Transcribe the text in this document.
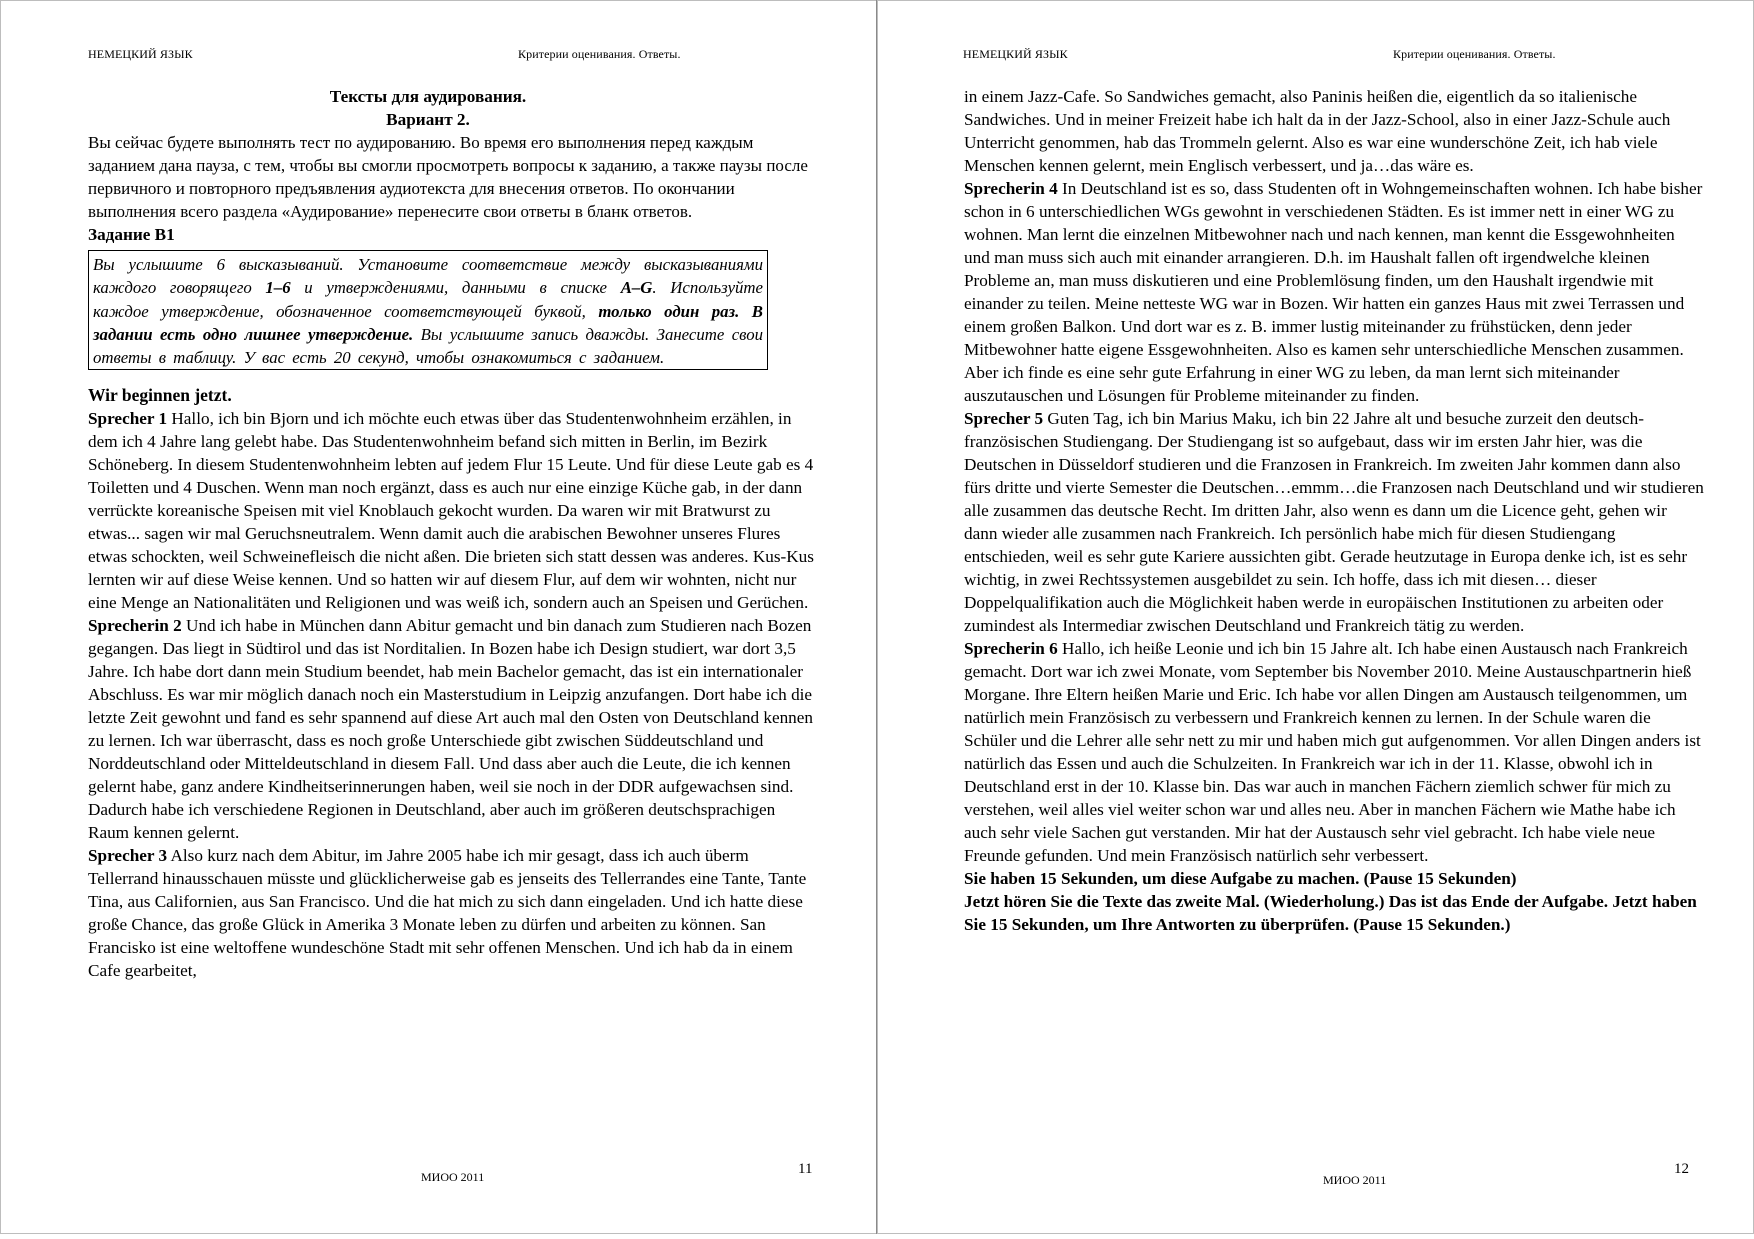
НЕМЕЦКИЙ ЯЗЫК	Критерии оценивания. Ответы.
Тексты для аудирования.
Вариант 2.
Вы сейчас будете выполнять тест по аудированию. Во время его выполнения перед каждым заданием дана пауза, с тем, чтобы вы смогли просмотреть вопросы к заданию, а также паузы после первичного и повторного предъявления аудиотекста для внесения ответов. По окончании выполнения всего раздела «Аудирование» перенесите свои ответы в бланк ответов.
Задание B1
Вы услышите 6 высказываний. Установите соответствие между высказываниями каждого говорящего 1–6 и утверждениями, данными в списке A–G. Используйте каждое утверждение, обозначенное соответствующей буквой, только один раз. В задании есть одно лишнее утверждение. Вы услышите запись дважды. Занесите свои ответы в таблицу. У вас есть 20 секунд, чтобы ознакомиться с заданием.
Wir beginnen jetzt.

Sprecher 1 Hallo, ich bin Bjorn und ich möchte euch etwas über das Studentenwohnheim erzählen, in dem ich 4 Jahre lang gelebt habe. Das Studentenwohnheim befand sich mitten in Berlin, im Bezirk Schöneberg. In diesem Studentenwohnheim lebten auf jedem Flur 15 Leute. Und für diese Leute gab es 4 Toiletten und 4 Duschen. Wenn man noch ergänzt, dass es auch nur eine einzige Küche gab, in der dann verrückte koreanische Speisen mit viel Knoblauch gekocht wurden. Da waren wir mit Bratwurst zu etwas... sagen wir mal Geruchsneutralem. Wenn damit auch die arabischen Bewohner unseres Flures etwas schockten, weil Schweinefleisch die nicht aßen. Die brieten sich statt dessen was anderes. Kus-Kus lernten wir auf diese Weise kennen. Und so hatten wir auf diesem Flur, auf dem wir wohnten, nicht nur eine Menge an Nationalitäten und Religionen und was weiß ich, sondern auch an Speisen und Gerüchen.

Sprecherin 2 Und ich habe in München dann Abitur gemacht und bin danach zum Studieren nach Bozen gegangen. Das liegt in Südtirol und das ist Norditalien. In Bozen habe ich Design studiert, war dort 3,5 Jahre. Ich habe dort dann mein Studium beendet, hab mein Bachelor gemacht, das ist ein internationaler Abschluss. Es war mir möglich danach noch ein Masterstudium in Leipzig anzufangen. Dort habe ich die letzte Zeit gewohnt und fand es sehr spannend auf diese Art auch mal den Osten von Deutschland kennen zu lernen. Ich war überrascht, dass es noch große Unterschiede gibt zwischen Süddeutschland und Norddeutschland oder Mitteldeutschland in diesem Fall. Und dass aber auch die Leute, die ich kennen gelernt habe, ganz andere Kindheitserinnerungen haben, weil sie noch in der DDR aufgewachsen sind. Dadurch habe ich verschiedene Regionen in Deutschland, aber auch im größeren deutschsprachigen Raum kennen gelernt.

Sprecher 3 Also kurz nach dem Abitur, im Jahre 2005 habe ich mir gesagt, dass ich auch überm Tellerrand hinausschauen müsste und glücklicherweise gab es jenseits des Tellerrandes eine Tante, Tante Tina, aus Californien, aus San Francisco. Und die hat mich zu sich dann eingeladen. Und ich hatte diese große Chance, das große Glück in Amerika 3 Monate leben zu dürfen und arbeiten zu können. San Francisko ist eine weltoffene wundeschöne Stadt mit sehr offenen Menschen. Und ich hab da in einem Cafe gearbeitet,

МИОО 2011	11
НЕМЕЦКИЙ ЯЗЫК	Критерии оценивания. Ответы.

in einem Jazz-Cafe. So Sandwiches gemacht, also Paninis heißen die, eigentlich da so italienische Sandwiches. Und in meiner Freizeit habe ich halt da in der Jazz-School, also in einer Jazz-Schule auch Unterricht genommen, hab das Trommeln gelernt. Also es war eine wunderschöne Zeit, ich hab viele Menschen kennen gelernt, mein Englisch verbessert, und ja…das wäre es.

Sprecherin 4 In Deutschland ist es so, dass Studenten oft in Wohngemeinschaften wohnen. Ich habe bisher schon in 6 unterschiedlichen WGs gewohnt in verschiedenen Städten. Es ist immer nett in einer WG zu wohnen. Man lernt die einzelnen Mitbewohner nach und nach kennen, man kennt die Essgewohnheiten und man muss sich auch mit einander arrangieren. D.h. im Haushalt fallen oft irgendwelche kleinen Probleme an, man muss diskutieren und eine Problemlösung finden, um den Haushalt irgendwie mit einander zu teilen. Meine netteste WG war in Bozen. Wir hatten ein ganzes Haus mit zwei Terrassen und einem großen Balkon. Und dort war es z. B. immer lustig miteinander zu frühstücken, denn jeder Mitbewohner hatte eigene Essgewohnheiten. Also es kamen sehr unterschiedliche Menschen zusammen. Aber ich finde es eine sehr gute Erfahrung in einer WG zu leben, da man lernt sich miteinander auszutauschen und Lösungen für Probleme miteinander zu finden.

Sprecher 5 Guten Tag, ich bin Marius Maku, ich bin 22 Jahre alt und besuche zurzeit den deutsch-französischen Studiengang. Der Studiengang ist so aufgebaut, dass wir im ersten Jahr hier, was die Deutschen in Düsseldorf studieren und die Franzosen in Frankreich. Im zweiten Jahr kommen dann also fürs dritte und vierte Semester die Deutschen…emmm…die Franzosen nach Deutschland und wir studieren alle zusammen das deutsche Recht. Im dritten Jahr, also wenn es dann um die Licence geht, gehen wir dann wieder alle zusammen nach Frankreich. Ich persönlich habe mich für diesen Studiengang entschieden, weil es sehr gute Kariere aussichten gibt. Gerade heutzutage in Europa denke ich, ist es sehr wichtig, in zwei Rechtssystemen ausgebildet zu sein. Ich hoffe, dass ich mit diesen… dieser Doppelqualifikation auch die Möglichkeit haben werde in europäischen Institutionen zu arbeiten oder zumindest als Intermediar zwischen Deutschland und Frankreich tätig zu werden.

Sprecherin 6 Hallo, ich heiße Leonie und ich bin 15 Jahre alt. Ich habe einen Austausch nach Frankreich gemacht. Dort war ich zwei Monate, vom September bis November 2010. Meine Austauschpartnerin hieß Morgane. Ihre Eltern heißen Marie und Eric. Ich habe vor allen Dingen am Austausch teilgenommen, um natürlich mein Französisch zu verbessern und Frankreich kennen zu lernen. In der Schule waren die Schüler und die Lehrer alle sehr nett zu mir und haben mich gut aufgenommen. Vor allen Dingen anders ist natürlich das Essen und auch die Schulzeiten. In Frankreich war ich in der 11. Klasse, obwohl ich in Deutschland erst in der 10. Klasse bin. Das war auch in manchen Fächern ziemlich schwer für mich zu verstehen, weil alles viel weiter schon war und alles neu. Aber in manchen Fächern wie Mathe habe ich auch sehr viele Sachen gut verstanden. Mir hat der Austausch sehr viel gebracht. Ich habe viele neue Freunde gefunden. Und mein Französisch natürlich sehr verbessert.

Sie haben 15 Sekunden, um diese Aufgabe zu machen. (Pause 15 Sekunden)

Jetzt hören Sie die Texte das zweite Mal. (Wiederholung.) Das ist das Ende der Aufgabe. Jetzt haben Sie 15 Sekunden, um Ihre Antworten zu überprüfen. (Pause 15 Sekunden.)

МИОО 2011
12
